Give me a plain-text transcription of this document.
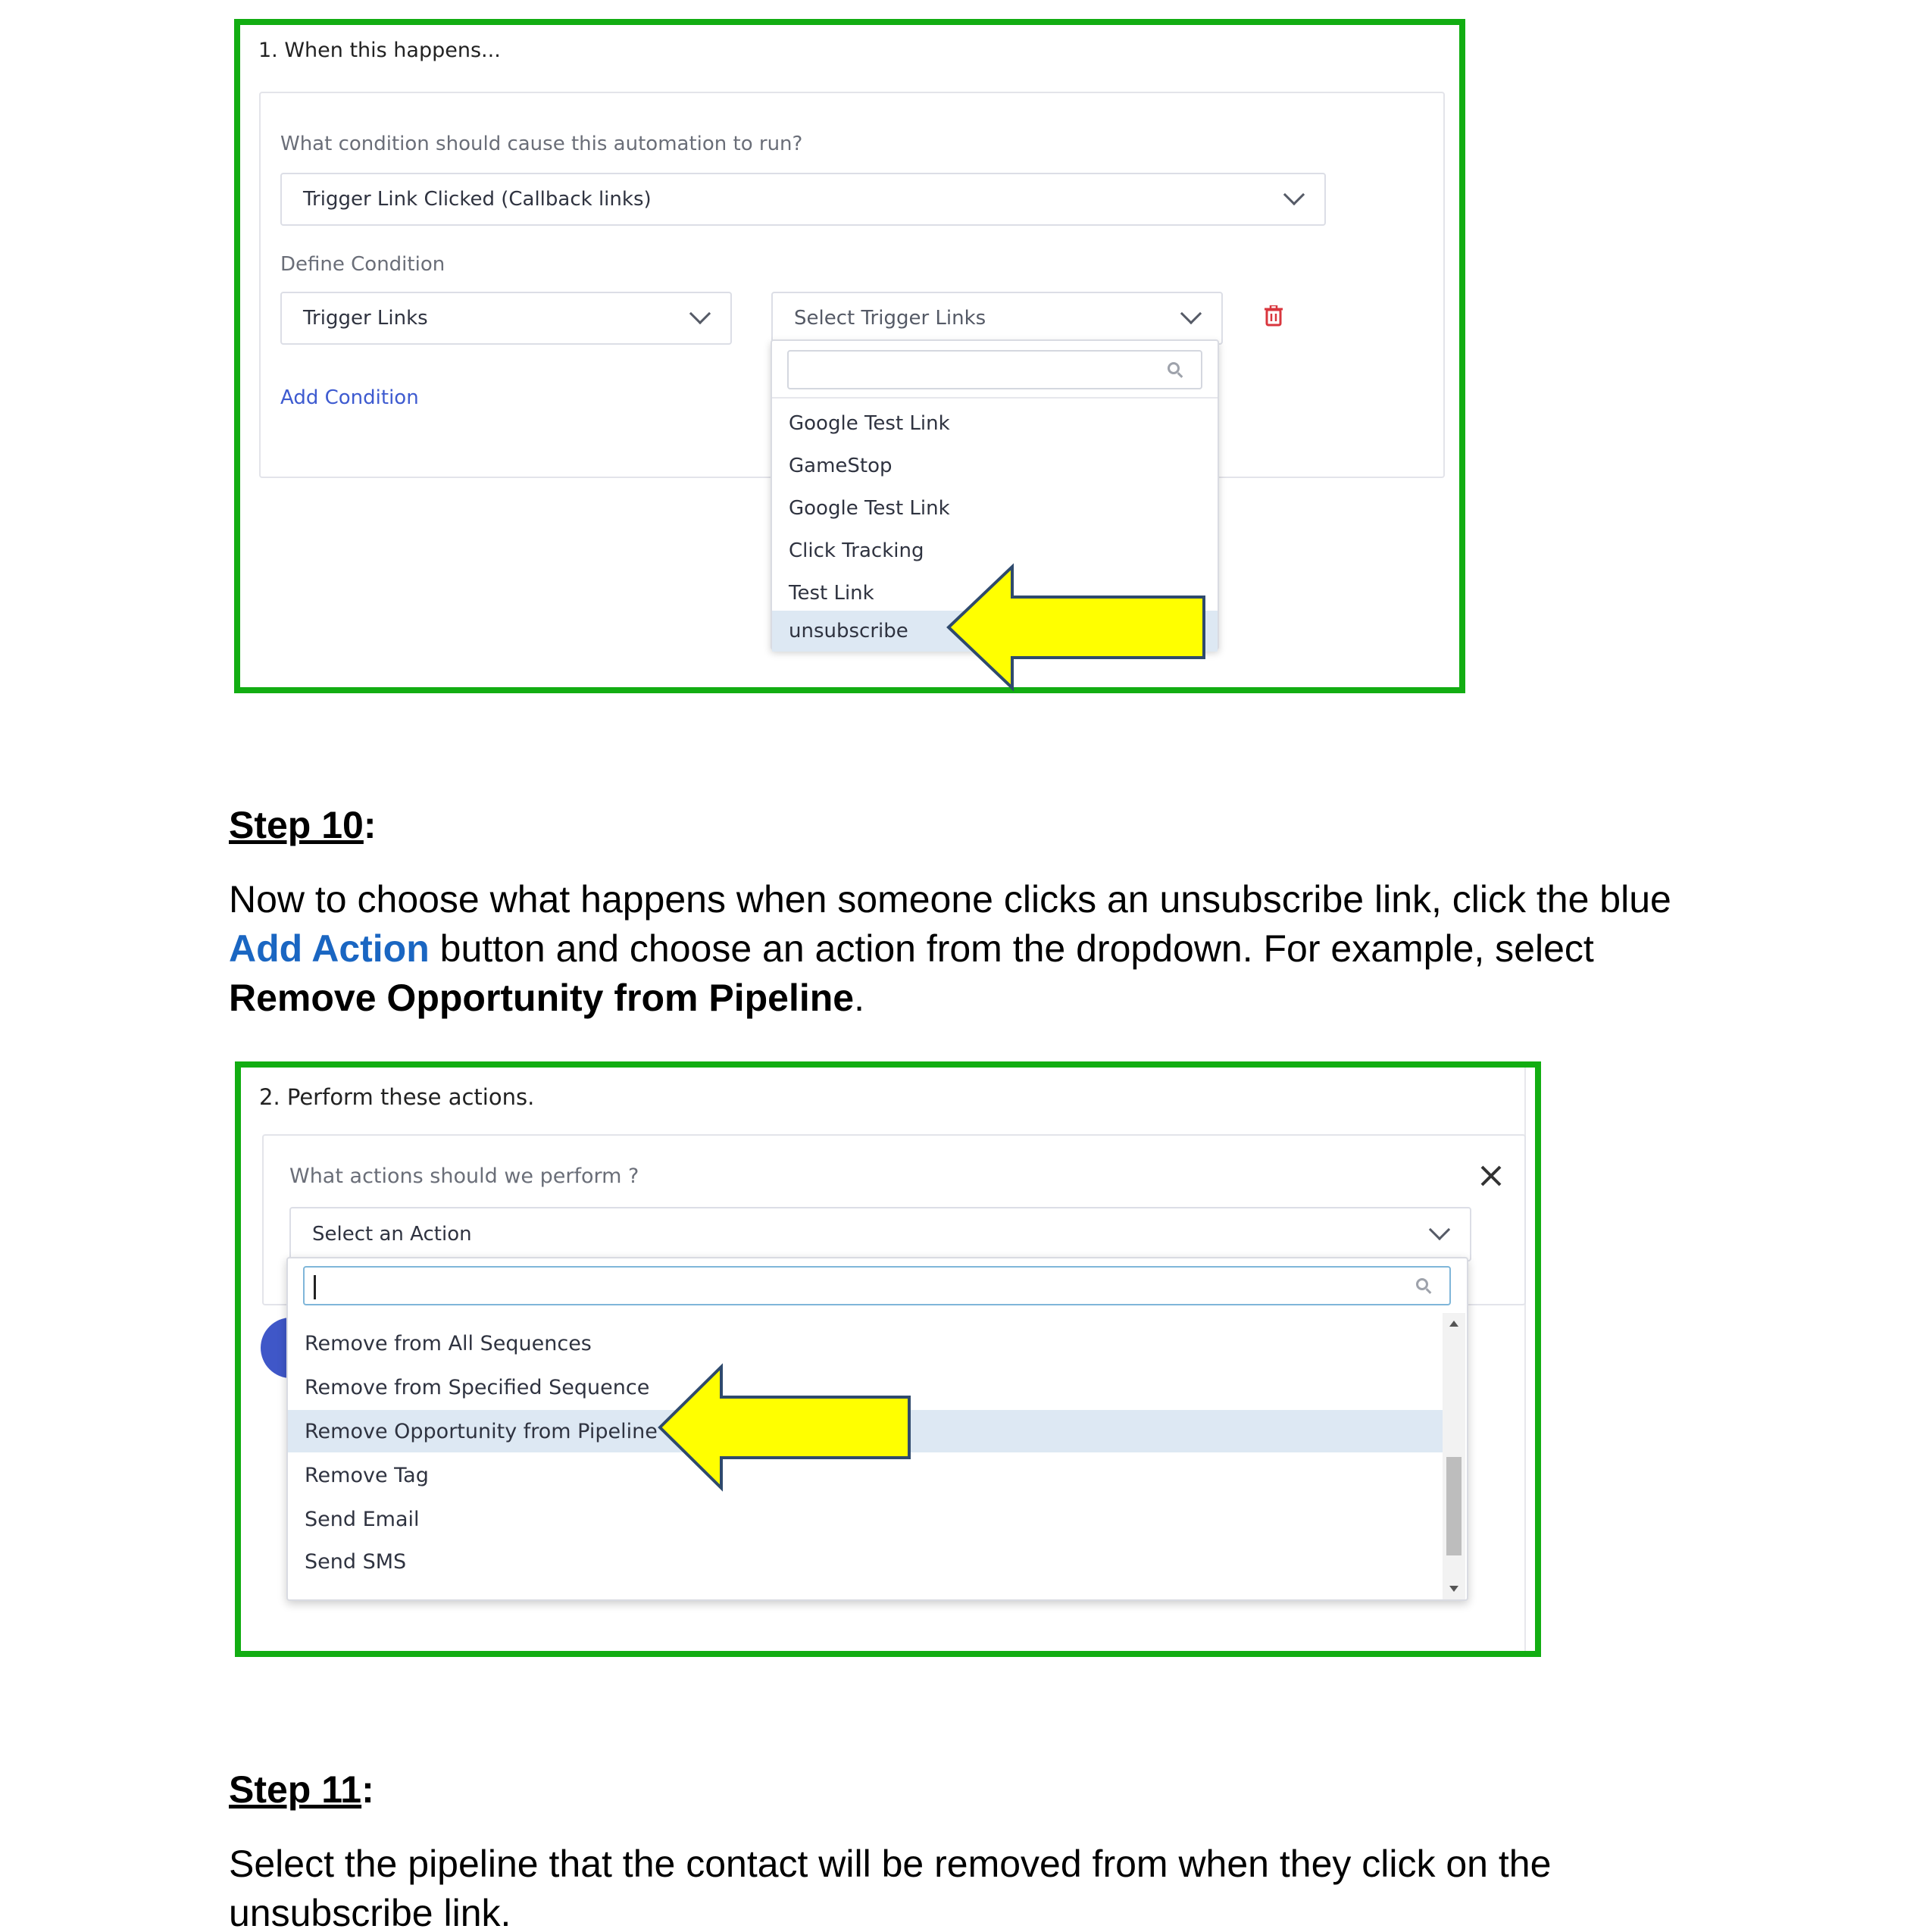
1. When this happens...
What condition should cause this automation to run?
Trigger Link Clicked (Callback links)
Define Condition
Trigger Links	Select Trigger Links
Add Condition
Google Test Link
GameStop
Google Test Link
Click Tracking
Test Link
unsubscribe
Step 10:
Now to choose what happens when someone clicks an unsubscribe link, click the blue
Add Action button and choose an action from the dropdown. For example, select
Remove Opportunity from Pipeline.
2. Perform these actions.
What actions should we perform ?
Select an Action
Remove from All Sequences
Remove from Specified Sequence
Remove Opportunity from Pipeline
Remove Tag
Send Email
Send SMS
Step 11:
Select the pipeline that the contact will be removed from when they click on the
unsubscribe link.
